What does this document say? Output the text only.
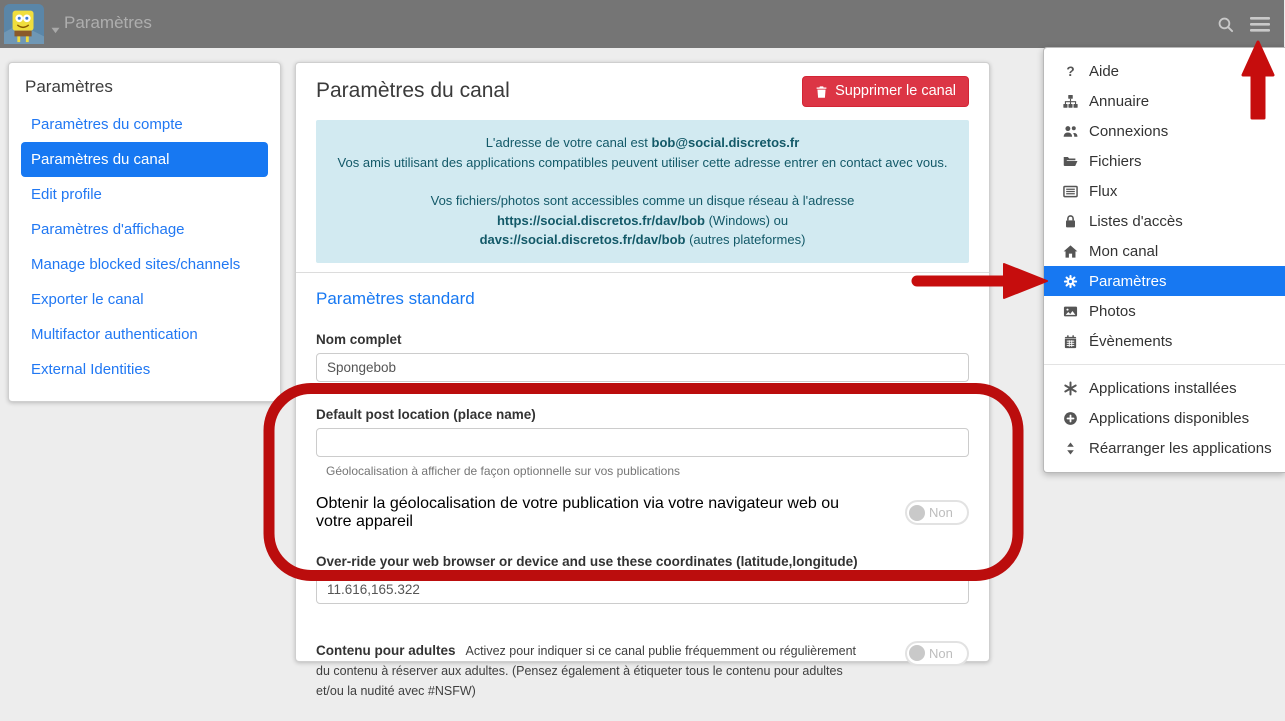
Paramètres
Paramètres
Paramètres du compte
Paramètres du canal
Edit profile
Paramètres d'affichage
Manage blocked sites/channels
Exporter le canal
Multifactor authentication
External Identities
Paramètres du canal	Supprimer le canal
L'adresse de votre canal est bob@social.discretos.fr
Vos amis utilisant des applications compatibles peuvent utiliser cette adresse entrer en contact avec vous.
Vos fichiers/photos sont accessibles comme un disque réseau à l'adresse
https://social.discretos.fr/dav/bob (Windows) ou
davs://social.discretos.fr/dav/bob (autres plateformes)
Paramètres standard
Nom complet
Spongebob
Default post location (place name)
Géolocalisation à afficher de façon optionnelle sur vos publications
Obtenir la géolocalisation de votre publication via votre navigateur web ou votre appareil	Non
Over-ride your web browser or device and use these coordinates (latitude,longitude)
11.616,165.322
Contenu pour adultes Activez pour indiquer si ce canal publie fréquemment ou régulièrement du contenu à réserver aux adultes. (Pensez également à étiqueter tous le contenu pour adultes et/ou la nudité avec #NSFW)
Non
? Aide
Annuaire
Connexions
Fichiers
Flux
Listes d'accès
Mon canal
Paramètres
Photos
Évènements
Applications installées
Applications disponibles
Réarranger les applications
